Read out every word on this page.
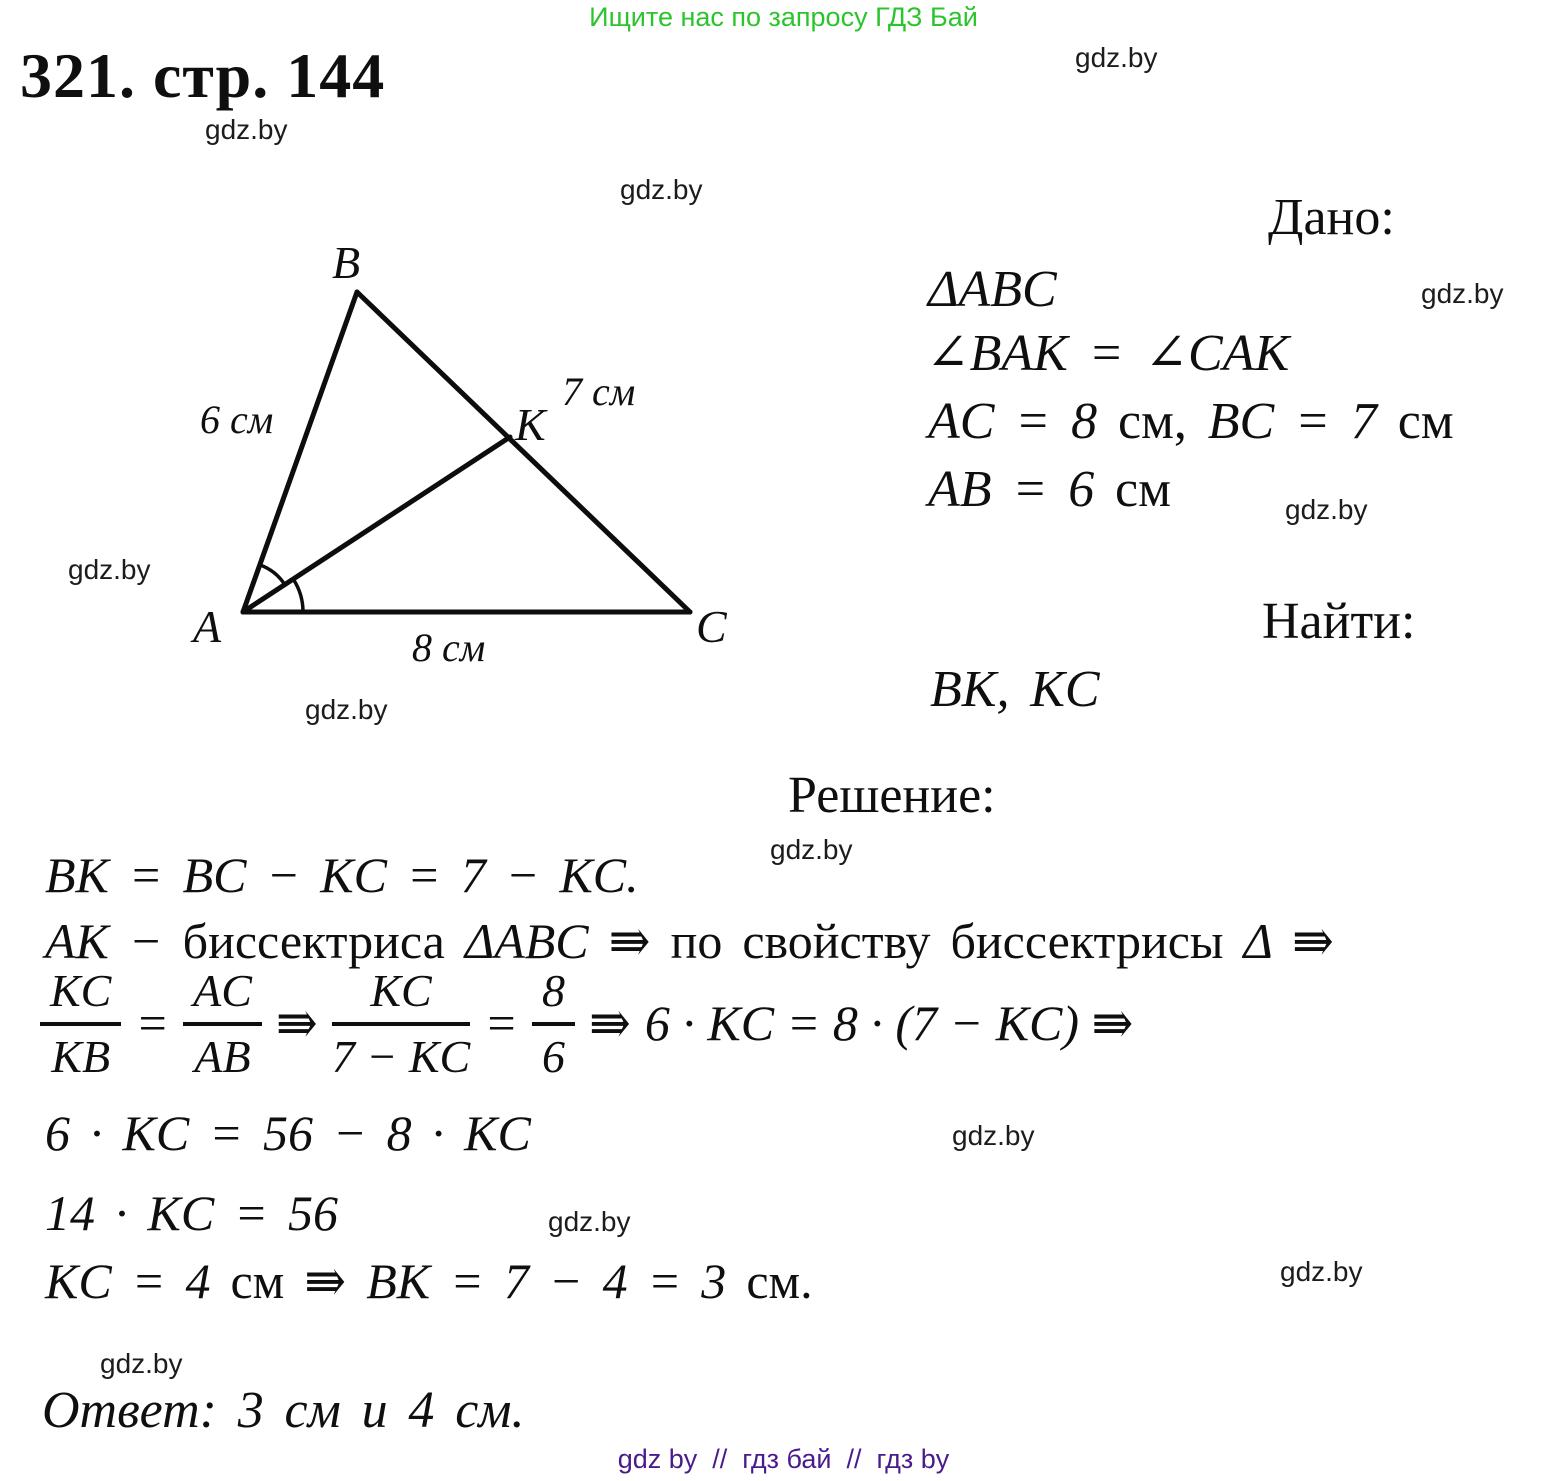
Ищите нас по запросу ГДЗ Бай
321. стр. 144
gdz.by
gdz.by
gdz.by
gdz.by
gdz.by
gdz.by
gdz.by
gdz.by
gdz.by
gdz.by
gdz.by
gdz.by
B
6 см	K
7 см
A	C
8 см
Дано:
ΔABC
∠BAK = ∠CAK
AC = 8 см, BC = 7 см
AB = 6 см
Найти:
BK, KC
Решение:
BK = BC − KC = 7 − KC.
AK − биссектриса ΔABC ⇛ по свойству биссектрисы Δ ⇛
$\frac{KC}{KB} = \frac{AC}{AB}$ ⇛ $\frac{KC}{7 - KC} = \frac{8}{6}$ ⇛ 6 · KC = 8 · (7 − KC) ⇛
6 · KC = 56 − 8 · KC
14 · KC = 56
KC = 4 см ⇛ BK = 7 − 4 = 3 см.
Ответ: 3 см и 4 см.
gdz by  //  гдз бай  //  гдз by
